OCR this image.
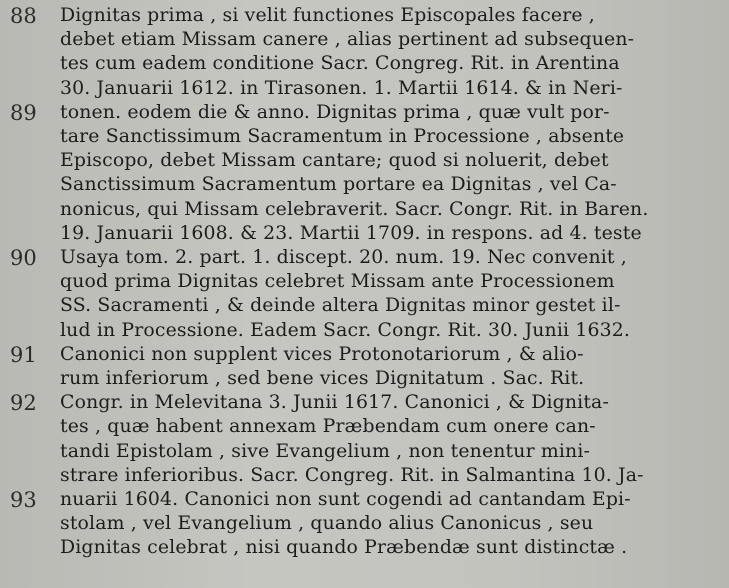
88	Dignitas prima , si velit functiones Episcopales facere ,
debet etiam Missam canere , alias pertinent ad subsequen-
tes cum eadem conditione Sacr. Congreg. Rit. in Arentina
30. Januarii 1612. in Tirasonen. 1. Martii 1614. & in Neri-
89	tonen. eodem die & anno. Dignitas prima , quæ vult por-
tare Sanctissimum Sacramentum in Processione , absente
Episcopo, debet Missam cantare; quod si noluerit, debet
Sanctissimum Sacramentum portare ea Dignitas , vel Ca-
nonicus, qui Missam celebraverit. Sacr. Congr. Rit. in Baren.
19. Januarii 1608. & 23. Martii 1709. in respons. ad 4. teste
90	Usaya tom. 2. part. 1. discept. 20. num. 19. Nec convenit ,
quod prima Dignitas celebret Missam ante Processionem
SS. Sacramenti , & deinde altera Dignitas minor gestet il-
lud in Processione. Eadem Sacr. Congr. Rit. 30. Junii 1632.
91	Canonici non supplent vices Protonotariorum , & alio-
rum inferiorum , sed bene vices Dignitatum . Sac. Rit.
92	Congr. in Melevitana 3. Junii 1617. Canonici , & Dignita-
tes , quæ habent annexam Præbendam cum onere can-
tandi Epistolam , sive Evangelium , non tenentur mini-
strare inferioribus. Sacr. Congreg. Rit. in Salmantina 10. Ja-
93	nuarii 1604. Canonici non sunt cogendi ad cantandam Epi-
stolam , vel Evangelium , quando alius Canonicus , seu
Dignitas celebrat , nisi quando Præbendæ sunt distinctæ .
